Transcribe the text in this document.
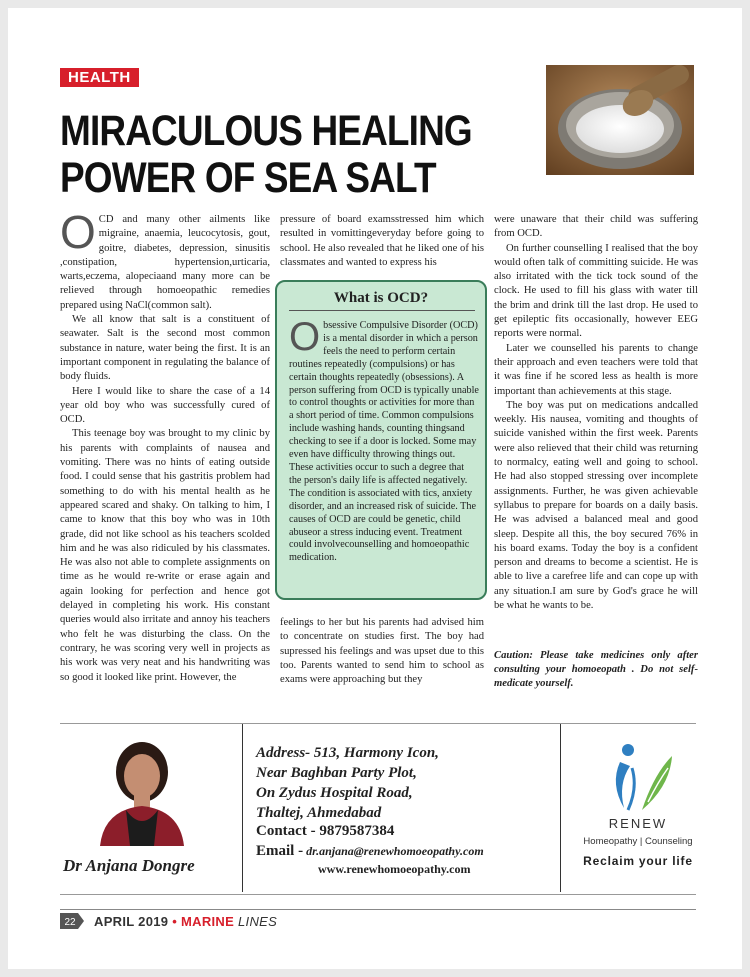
HEALTH
MIRACULOUS HEALING
POWER OF SEA SALT

OCD and many other ailments like migraine, anaemia, leucocytosis, gout, goitre, diabetes, depression, sinusitis ,constipation, hypertension,urticaria, warts,eczema, alopeciaand many more can be relieved through homoeopathic remedies prepared using NaCl(common salt).

We all know that salt is a constituent of seawater. Salt is the second most common substance in nature, water being the first. It is an important component in regulating the balance of body fluids.

Here I would like to share the case of a 14 year old boy who was successfully cured of OCD.

This teenage boy was brought to my clinic by his parents with complaints of nausea and vomiting. There was no hints of eating outside food. I could sense that his gastritis problem had something to do with his mental health as he appeared scared and shaky. On talking to him, I came to know that this boy who was in 10th grade, did not like school as his teachers scolded him and he was also ridiculed by his classmates. He was also not able to complete assignments on time as he would re-write or erase again and again looking for perfection and hence got delayed in completing his work. His constant queries would also irritate and annoy his teachers who felt he was disturbing the class. On the contrary, he was scoring very well in projects as his work was very neat and his handwriting was so good it looked like print. However, the

pressure of board examsstressed him which resulted in vomittingeveryday before going to school. He also revealed that he liked one of his classmates and wanted to express his

What is OCD?
Obsessive Compulsive Disorder (OCD) is a mental disorder in which a person feels the need to perform certain routines repeatedly (compulsions) or has certain thoughts repeatedly (obsessions). A person suffering from OCD is typically unable to control thoughts or activities for more than a short period of time. Common compulsions include washing hands, counting thingsand checking to see if a door is locked. Some may even have difficulty throwing things out. These activities occur to such a degree that the person's daily life is affected negatively. The condition is associated with tics, anxiety disorder, and an increased risk of suicide. The causes of OCD are could be genetic, child abuseor a stress inducing event. Treatment could involvecounselling and homoeopathic medication.

feelings to her but his parents had advised him to concentrate on studies first. The boy had supressed his feelings and was upset due to this too. Parents wanted to send him to school as exams were approaching but they

were unaware that their child was suffering from OCD.

On further counselling I realised that the boy would often talk of committing suicide. He was also irritated with the tick tock sound of the clock. He used to fill his glass with water till the brim and drink till the last drop. He used to get epileptic fits occasionally, however EEG reports were normal.

Later we counselled his parents to change their approach and even teachers were told that it was fine if he scored less as health is more important than achievements at this stage.

The boy was put on medications andcalled weekly. His nausea, vomiting and thoughts of suicide vanished within the first week. Parents were also relieved that their child was returning to normalcy, eating well and going to school. He had also stopped stressing over incomplete assignments. Further, he was given achievable syllabus to prepare for boards on a daily basis. He was advised a balanced meal and good sleep. Despite all this, the boy secured 76% in his board exams. Today the boy is a confident person and dreams to become a scientist. He is able to live a carefree life and can cope up with any situation.I am sure by God's grace he will be what he wants to be.

Caution: Please take medicines only after consulting your homoeopath . Do not self-medicate yourself.
Dr Anjana Dongre
Address- 513, Harmony Icon,
Near Baghban Party Plot,
On Zydus Hospital Road,
Thaltej, Ahmedabad
Contact - 9879587384
Email - dr.anjana@renewhomoeopathy.com
www.renewhomoeopathy.com
RENEW
Homeopathy | Counseling
Reclaim your life
22 APRIL 2019 • MARINE LINES
